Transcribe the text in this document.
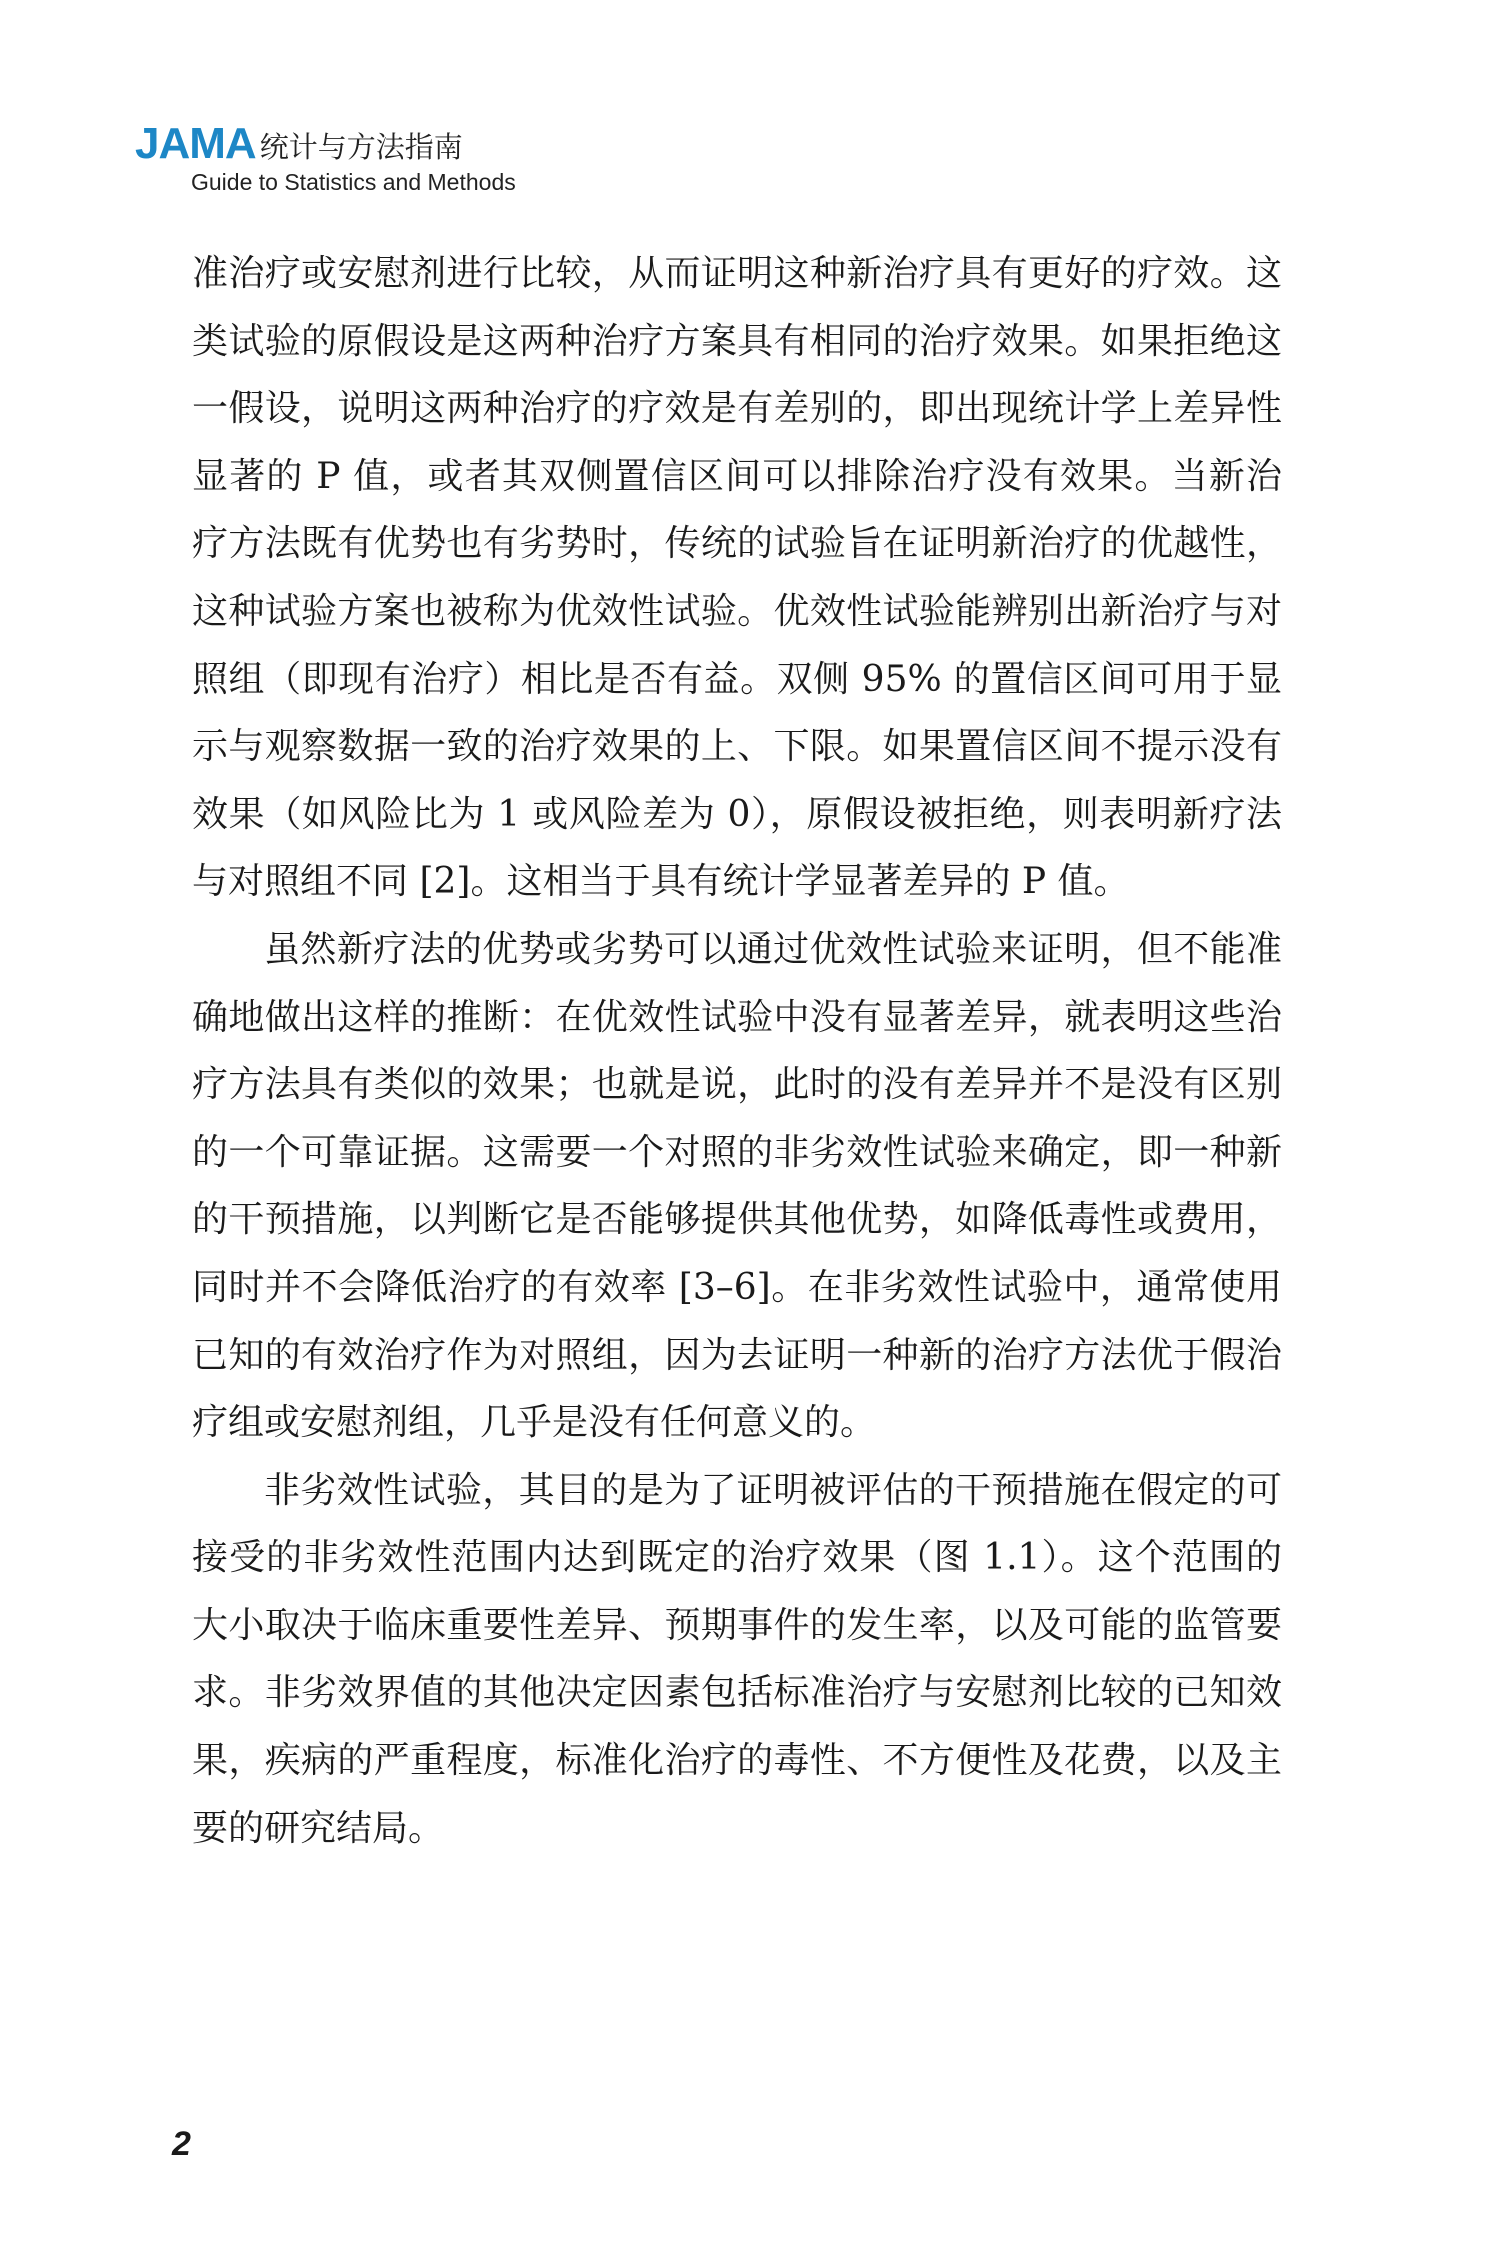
JAMA 统计与方法指南
Guide to Statistics and Methods

准治疗或安慰剂进行比较，从而证明这种新治疗具有更好的疗效。这类试验的原假设是这两种治疗方案具有相同的治疗效果。如果拒绝这一假设，说明这两种治疗的疗效是有差别的，即出现统计学上差异性显著的 P 值，或者其双侧置信区间可以排除治疗没有效果。当新治疗方法既有优势也有劣势时，传统的试验旨在证明新治疗的优越性，这种试验方案也被称为优效性试验。优效性试验能辨别出新治疗与对照组（即现有治疗）相比是否有益。双侧 95% 的置信区间可用于显示与观察数据一致的治疗效果的上、下限。如果置信区间不提示没有效果（如风险比为 1 或风险差为 0），原假设被拒绝，则表明新疗法与对照组不同 [2]。这相当于具有统计学显著差异的 P 值。

虽然新疗法的优势或劣势可以通过优效性试验来证明，但不能准确地做出这样的推断：在优效性试验中没有显著差异，就表明这些治疗方法具有类似的效果；也就是说，此时的没有差异并不是没有区别的一个可靠证据。这需要一个对照的非劣效性试验来确定，即一种新的干预措施，以判断它是否能够提供其他优势，如降低毒性或费用，同时并不会降低治疗的有效率 [3–6]。在非劣效性试验中，通常使用已知的有效治疗作为对照组，因为去证明一种新的治疗方法优于假治疗组或安慰剂组，几乎是没有任何意义的。

非劣效性试验，其目的是为了证明被评估的干预措施在假定的可接受的非劣效性范围内达到既定的治疗效果（图 1.1）。这个范围的大小取决于临床重要性差异、预期事件的发生率，以及可能的监管要求。非劣效界值的其他决定因素包括标准治疗与安慰剂比较的已知效果，疾病的严重程度，标准化治疗的毒性、不方便性及花费，以及主要的研究结局。

2
